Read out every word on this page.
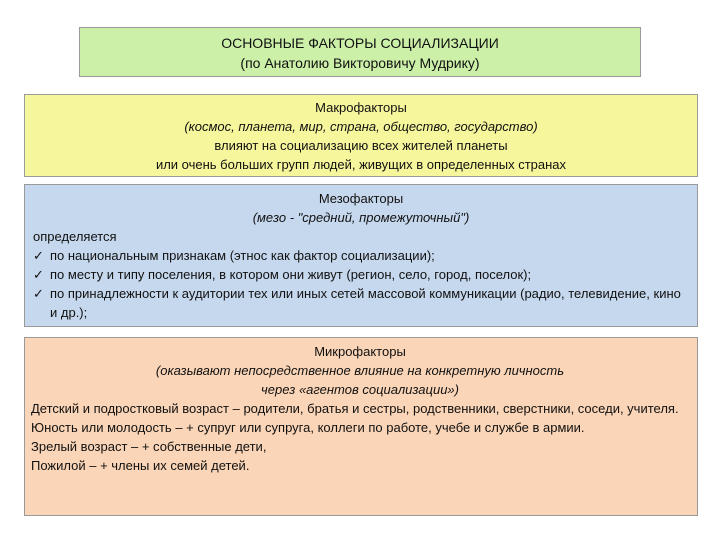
ОСНОВНЫЕ ФАКТОРЫ СОЦИАЛИЗАЦИИ
(по Анатолию Викторовичу Мудрику)
Макрофакторы
(космос, планета, мир, страна, общество, государство)
влияют на социализацию всех жителей планеты
или очень больших групп людей, живущих в определенных странах
Мезофакторы
(мезо - "средний, промежуточный")
определяется
✓ по национальным признакам (этнос как фактор социализации);
✓ по месту и типу поселения, в котором они живут (регион, село, город, поселок);
✓ по принадлежности к аудитории тех или иных сетей массовой коммуникации (радио, телевидение, кино и др.);
Микрофакторы
(оказывают непосредственное влияние на конкретную личность
через «агентов социализации»)
Детский и подростковый возраст – родители, братья и сестры, родственники, сверстники, соседи, учителя.
Юность или молодость – + супруг или супруга, коллеги по работе, учебе и службе в армии.
Зрелый возраст – + собственные дети,
Пожилой – + члены их семей детей.
